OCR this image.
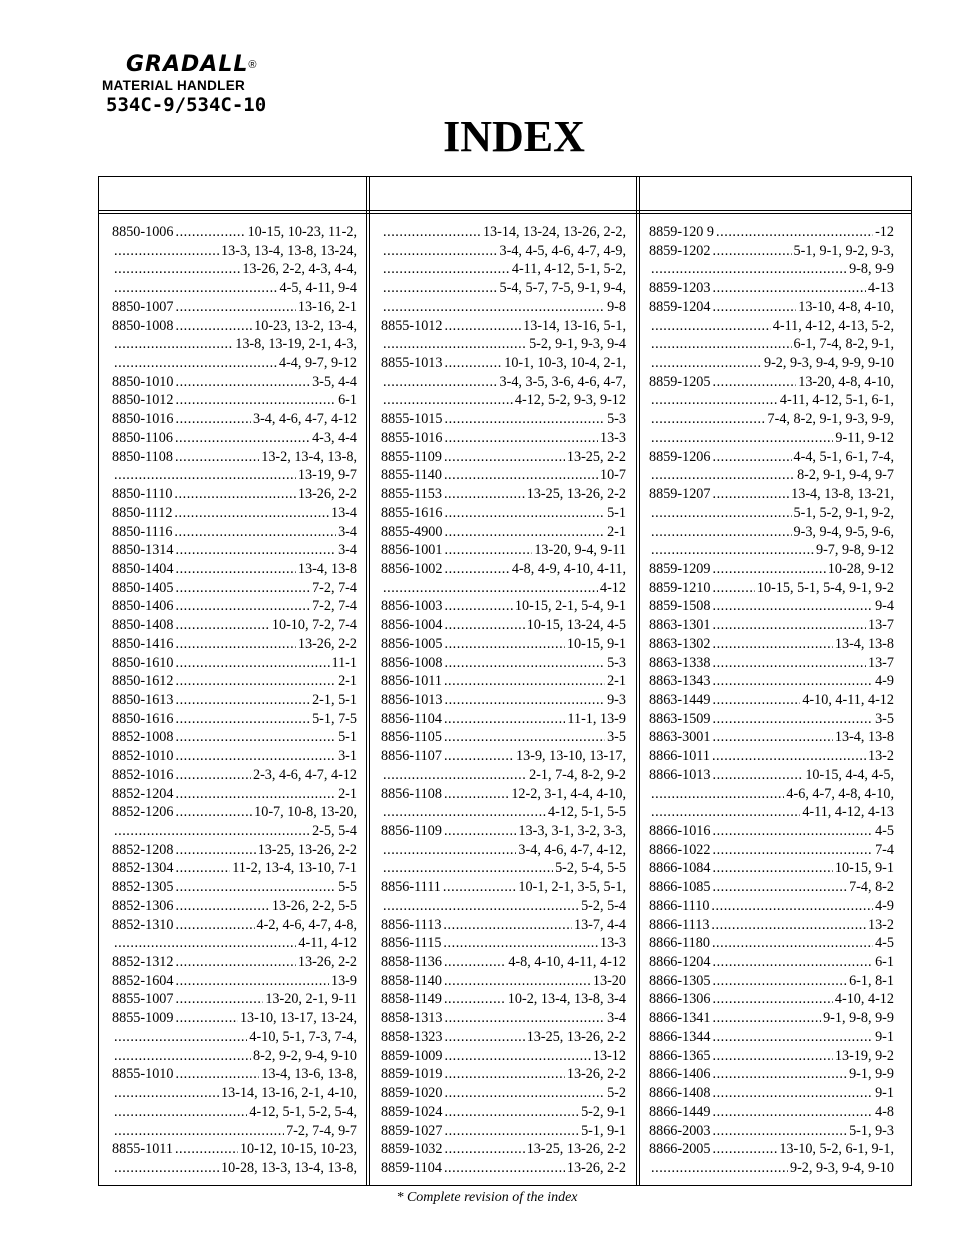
GRADALL®
MATERIAL HANDLER
534C-9/534C-10
INDEX
8850-1006 . . .	10-15, 10-23, 11-2,
. . .
13-3, 13-4, 13-8, 13-24,
. . .
13-26, 2-2, 4-3, 4-4,
. . .
4-5, 4-11, 9-4
8850-1007 . . .	13-16, 2-1
8850-1008 . . .	10-23, 13-2, 13-4,
. . .
13-8, 13-19, 2-1, 4-3,
. . .
4-4, 9-7, 9-12
8850-1010 . . .	3-5, 4-4
8850-1012 . . .	6-1
8850-1016 . . .	3-4, 4-6, 4-7, 4-12
8850-1106 . . .	4-3, 4-4
8850-1108 . . .	13-2, 13-4, 13-8,
. . .
13-19, 9-7
8850-1110 . . .	13-26, 2-2
8850-1112 . . .	13-4
8850-1116 . . .	3-4
8850-1314 . . .	3-4
8850-1404 . . .	13-4, 13-8
8850-1405 . . .	7-2, 7-4
8850-1406 . . .	7-2, 7-4
8850-1408 . . .	10-10, 7-2, 7-4
8850-1416 . . .	13-26, 2-2
8850-1610 . . .	11-1
8850-1612 . . .	2-1
8850-1613 . . .	2-1, 5-1
8850-1616 . . .	5-1, 7-5
8852-1008 . . .	5-1
8852-1010 . . .	3-1
8852-1016 . . .	2-3, 4-6, 4-7, 4-12
8852-1204 . . .	2-1
8852-1206 . . .	10-7, 10-8, 13-20,
. . .
2-5, 5-4
8852-1208 . . .	13-25, 13-26, 2-2
8852-1304 . . .	11-2, 13-4, 13-10, 7-1
8852-1305 . . .	5-5
8852-1306 . . .	13-26, 2-2, 5-5
8852-1310 . . .	4-2, 4-6, 4-7, 4-8,
. . .
4-11, 4-12
8852-1312 . . .	13-26, 2-2
8852-1604 . . .	13-9
8855-1007 . . .	13-20, 2-1, 9-11
8855-1009 . . .	13-10, 13-17, 13-24,
. . .
4-10, 5-1, 7-3, 7-4,
. . .
8-2, 9-2, 9-4, 9-10
8855-1010 . . .	13-4, 13-6, 13-8,
. . .
13-14, 13-16, 2-1, 4-10,
. . .
4-12, 5-1, 5-2, 5-4,
. . .
7-2, 7-4, 9-7
8855-1011 . . .	10-12, 10-15, 10-23,
. . .
10-28, 13-3, 13-4, 13-8,
. . .
13-14, 13-24, 13-26, 2-2,
. . .
3-4, 4-5, 4-6, 4-7, 4-9,
. . .
4-11, 4-12, 5-1, 5-2,
. . .
5-4, 5-7, 7-5, 9-1, 9-4,
. . .
9-8
8855-1012 . . .	13-14, 13-16, 5-1,
. . .
5-2, 9-1, 9-3, 9-4
8855-1013 . . .	10-1, 10-3, 10-4, 2-1,
. . .
3-4, 3-5, 3-6, 4-6, 4-7,
. . .
4-12, 5-2, 9-3, 9-12
8855-1015 . . .	5-3
8855-1016 . . .	13-3
8855-1109 . . .	13-25, 2-2
8855-1140 . . .	10-7
8855-1153 . . .	13-25, 13-26, 2-2
8855-1616 . . .	5-1
8855-4900 . . .	2-1
8856-1001 . . .	13-20, 9-4, 9-11
8856-1002 . . .	4-8, 4-9, 4-10, 4-11,
. . .
4-12
8856-1003 . . .	10-15, 2-1, 5-4, 9-1
8856-1004 . . .	10-15, 13-24, 4-5
8856-1005 . . .	10-15, 9-1
8856-1008 . . .	5-3
8856-1011 . . .	2-1
8856-1013 . . .	9-3
8856-1104 . . .	11-1, 13-9
8856-1105 . . .	3-5
8856-1107 . . .	13-9, 13-10, 13-17,
. . .
2-1, 7-4, 8-2, 9-2
8856-1108 . . .	12-2, 3-1, 4-4, 4-10,
. . .
4-12, 5-1, 5-5
8856-1109 . . .	13-3, 3-1, 3-2, 3-3,
. . .
3-4, 4-6, 4-7, 4-12,
. . .
5-2, 5-4, 5-5
8856-1111 . . .	10-1, 2-1, 3-5, 5-1,
. . .
5-2, 5-4
8856-1113 . . .	13-7, 4-4
8856-1115 . . .	13-3
8858-1136 . . .	4-8, 4-10, 4-11, 4-12
8858-1140 . . .	13-20
8858-1149 . . .	10-2, 13-4, 13-8, 3-4
8858-1313 . . .	3-4
8858-1323 . . .	13-25, 13-26, 2-2
8859-1009 . . .	13-12
8859-1019 . . .	13-26, 2-2
8859-1020 . . .	5-2
8859-1024 . . .	5-2, 9-1
8859-1027 . . .	5-1, 9-1
8859-1032 . . .	13-25, 13-26, 2-2
8859-1104 . . .	13-26, 2-2
8859-120 9 . . .	-12
8859-1202 . . .	5-1, 9-1, 9-2, 9-3,
. . .
9-8, 9-9
8859-1203 . . .	4-13
8859-1204 . . .	13-10, 4-8, 4-10,
. . .
4-11, 4-12, 4-13, 5-2,
. . .
6-1, 7-4, 8-2, 9-1,
. . .
9-2, 9-3, 9-4, 9-9, 9-10
8859-1205 . . .	13-20, 4-8, 4-10,
. . .
4-11, 4-12, 5-1, 6-1,
. . .
7-4, 8-2, 9-1, 9-3, 9-9,
. . .
9-11, 9-12
8859-1206 . . .	4-4, 5-1, 6-1, 7-4,
. . .
8-2, 9-1, 9-4, 9-7
8859-1207 . . .	13-4, 13-8, 13-21,
. . .
5-1, 5-2, 9-1, 9-2,
. . .
9-3, 9-4, 9-5, 9-6,
. . .
9-7, 9-8, 9-12
8859-1209 . . .	10-28, 9-12
8859-1210 . . .	10-15, 5-1, 5-4, 9-1, 9-2
8859-1508 . . .	9-4
8863-1301 . . .	13-7
8863-1302 . . .	13-4, 13-8
8863-1338 . . .	13-7
8863-1343 . . .	4-9
8863-1449 . . .	4-10, 4-11, 4-12
8863-1509 . . .	3-5
8863-3001 . . .	13-4, 13-8
8866-1011 . . .	13-2
8866-1013 . . .	10-15, 4-4, 4-5,
. . .
4-6, 4-7, 4-8, 4-10,
. . .
4-11, 4-12, 4-13
8866-1016 . . .	4-5
8866-1022 . . .	7-4
8866-1084 . . .	10-15, 9-1
8866-1085 . . .	7-4, 8-2
8866-1110 . . .	4-9
8866-1113 . . .	13-2
8866-1180 . . .	4-5
8866-1204 . . .	6-1
8866-1305 . . .	6-1, 8-1
8866-1306 . . .	4-10, 4-12
8866-1341 . . .	9-1, 9-8, 9-9
8866-1344 . . .	9-1
8866-1365 . . .	13-19, 9-2
8866-1406 . . .	9-1, 9-9
8866-1408 . . .	9-1
8866-1449 . . .	4-8
8866-2003 . . .	5-1, 9-3
8866-2005 . . .	13-10, 5-2, 6-1, 9-1,
. . .
9-2, 9-3, 9-4, 9-10
* Complete revision of the index
